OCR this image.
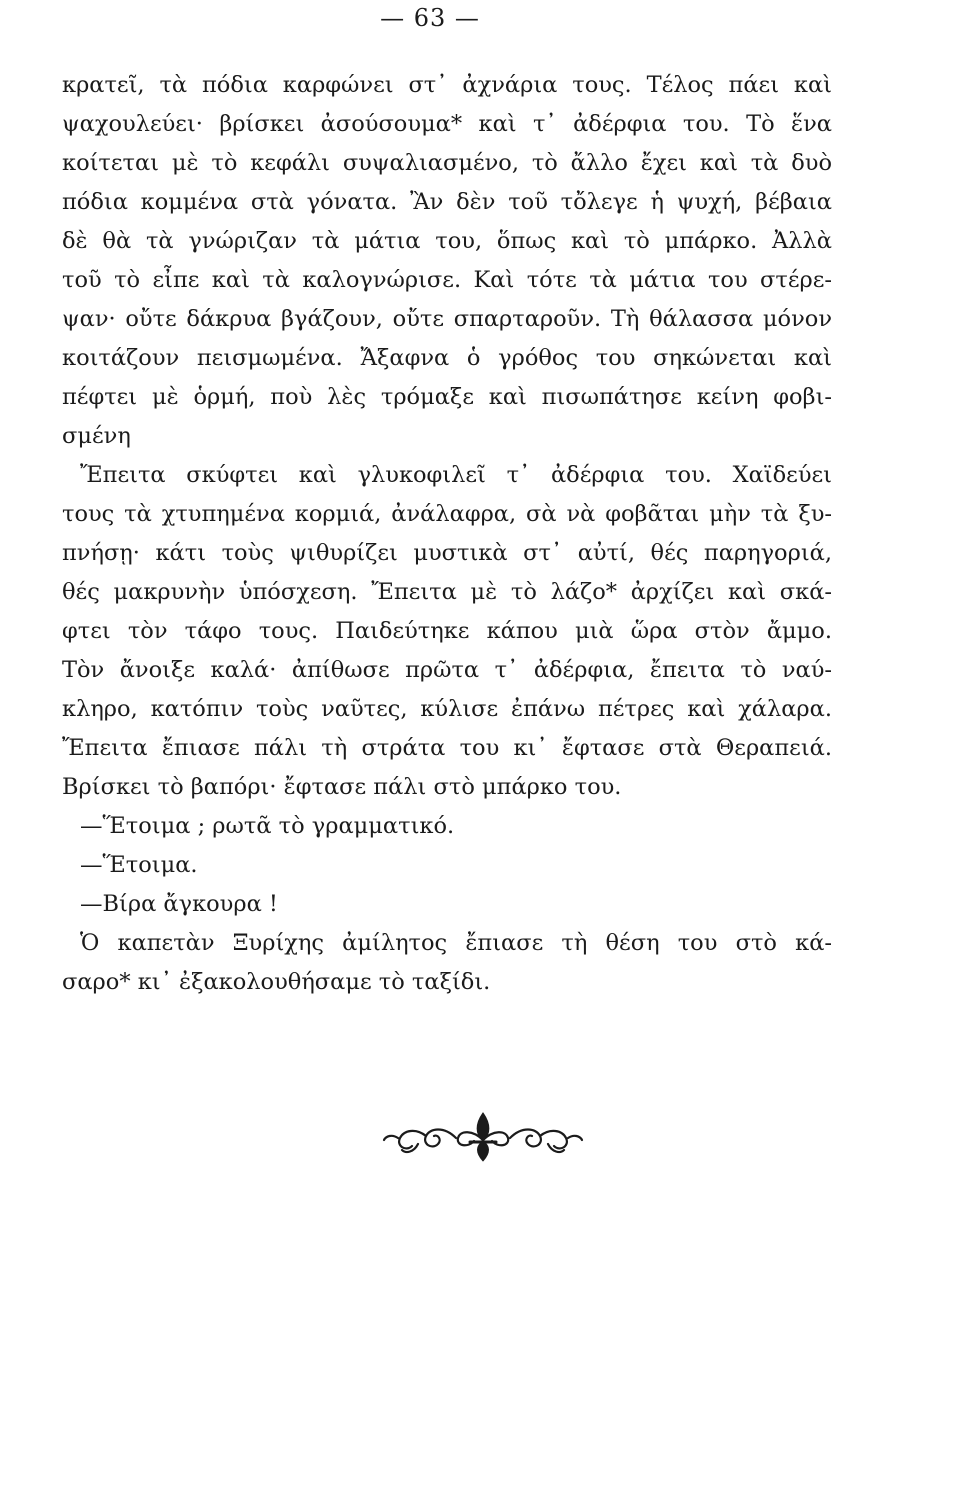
— 63 —
κρατεῖ, τὰ πόδια καρφώνει στ᾽ ἀχνάρια τους. Τέλος πάει καὶ
ψαχουλεύει· βρίσκει ἀσούσουμα* καὶ τ᾽ ἀδέρφια του. Τὸ ἕνα
κοίτεται μὲ τὸ κεφάλι συψαλιασμένο, τὸ ἄλλο ἔχει καὶ τὰ δυὸ
πόδια κομμένα στὰ γόνατα. Ἂν δὲν τοῦ τὄλεγε ἡ ψυχή, βέβαια
δὲ θὰ τὰ γνώριζαν τὰ μάτια του, ὅπως καὶ τὸ μπάρκο. Ἀλλὰ
τοῦ τὸ εἶπε καὶ τὰ καλογνώρισε. Καὶ τότε τὰ μάτια του στέρε-
ψαν· οὔτε δάκρυα βγάζουν, οὔτε σπαρταροῦν. Τὴ θάλασσα μόνον
κοιτάζουν πεισμωμένα. Ἄξαφνα ὁ γρόθος του σηκώνεται καὶ
πέφτει μὲ ὁρμή, ποὺ λὲς τρόμαξε καὶ πισωπάτησε κείνη φοβι-
σμένη
Ἔπειτα σκύφτει καὶ γλυκοφιλεῖ τ᾽ ἀδέρφια του. Χαϊδεύει
τους τὰ χτυπημένα κορμιά, ἀνάλαφρα, σὰ νὰ φοβᾶται μὴν τὰ ξυ-
πνήσῃ· κάτι τοὺς ψιθυρίζει μυστικὰ στ᾽ αὐτί, θές παρηγοριά,
θές μακρυνὴν ὑπόσχεση. Ἔπειτα μὲ τὸ λάζο* ἀρχίζει καὶ σκά-
φτει τὸν τάφο τους. Παιδεύτηκε κάπου μιὰ ὥρα στὸν ἄμμο.
Τὸν ἄνοιξε καλά· ἀπίθωσε πρῶτα τ᾽ ἀδέρφια, ἔπειτα τὸ ναύ-
κληρο, κατόπιν τοὺς ναῦτες, κύλισε ἐπάνω πέτρες καὶ χάλαρα.
Ἔπειτα ἔπιασε πάλι τὴ στράτα του κι᾽ ἔφτασε στὰ Θεραπειά.
Βρίσκει τὸ βαπόρι· ἔφτασε πάλι στὸ μπάρκο του.
—Ἕτοιμα ; ρωτᾶ τὸ γραμματικό.
—Ἕτοιμα.
—Βίρα ἄγκουρα !
Ὁ καπετὰν Ξυρίχης ἀμίλητος ἔπιασε τὴ θέση του στὸ κά-
σαρο* κι᾽ ἐξακολουθήσαμε τὸ ταξίδι.
